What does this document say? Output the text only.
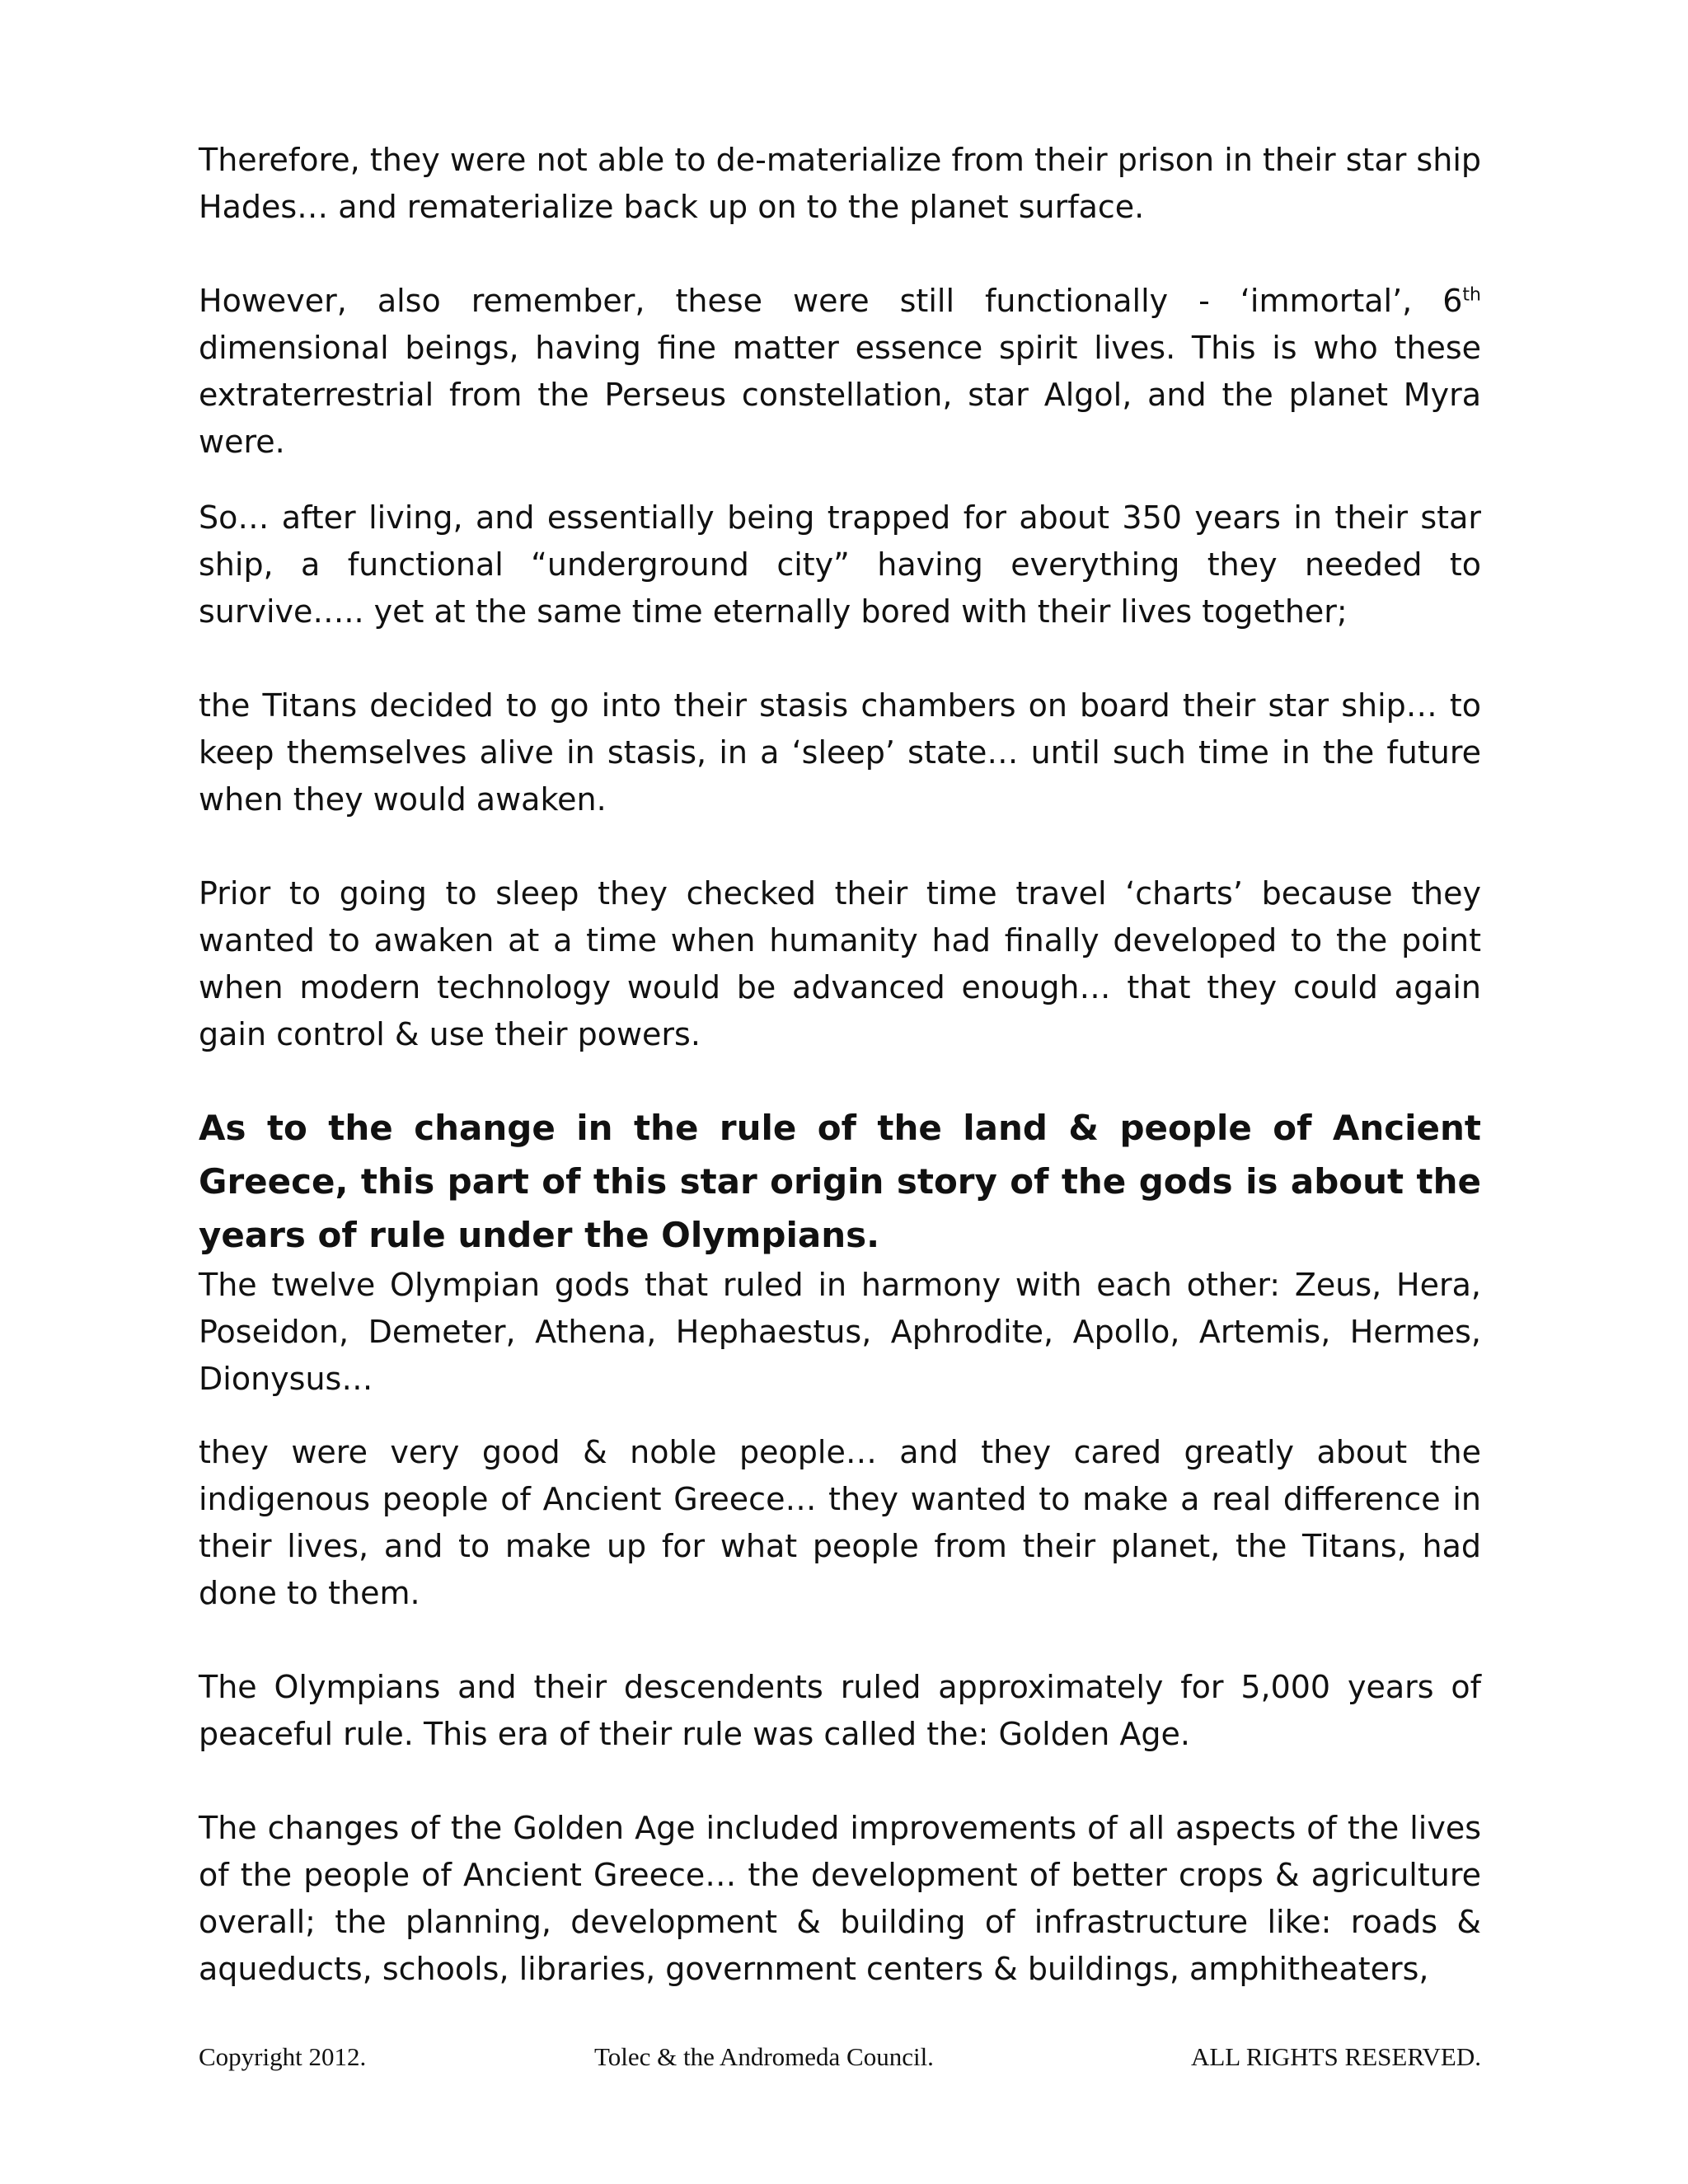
Therefore, they were not able to de-materialize from their prison in their star ship Hades… and rematerialize back up on to the planet surface.

However, also remember, these were still functionally - ‘immortal’, 6th dimensional beings, having fine matter essence spirit lives. This is who these extraterrestrial from the Perseus constellation, star Algol, and the planet Myra were.

So… after living, and essentially being trapped for about 350 years in their star ship, a functional “underground city” having everything they needed to survive….. yet at the same time eternally bored with their lives together;

the Titans decided to go into their stasis chambers on board their star ship… to keep themselves alive in stasis, in a ‘sleep’ state… until such time in the future when they would awaken.

Prior to going to sleep they checked their time travel ‘charts’ because they wanted to awaken at a time when humanity had finally developed to the point when modern technology would be advanced enough… that they could again gain control & use their powers.

As to the change in the rule of the land & people of Ancient Greece, this part of this star origin story of the gods is about the years of rule under the Olympians.

The twelve Olympian gods that ruled in harmony with each other: Zeus, Hera, Poseidon, Demeter, Athena, Hephaestus, Aphrodite, Apollo, Artemis, Hermes, Dionysus…

they were very good & noble people… and they cared greatly about the indigenous people of Ancient Greece… they wanted to make a real difference in their lives, and to make up for what people from their planet, the Titans, had done to them.

The Olympians and their descendents ruled approximately for 5,000 years of peaceful rule. This era of their rule was called the: Golden Age.

The changes of the Golden Age included improvements of all aspects of the lives of the people of Ancient Greece… the development of better crops & agriculture overall; the planning, development & building of infrastructure like: roads & aqueducts, schools, libraries, government centers & buildings, amphitheaters,

Copyright 2012.	Tolec & the Andromeda Council.	ALL RIGHTS RESERVED.
